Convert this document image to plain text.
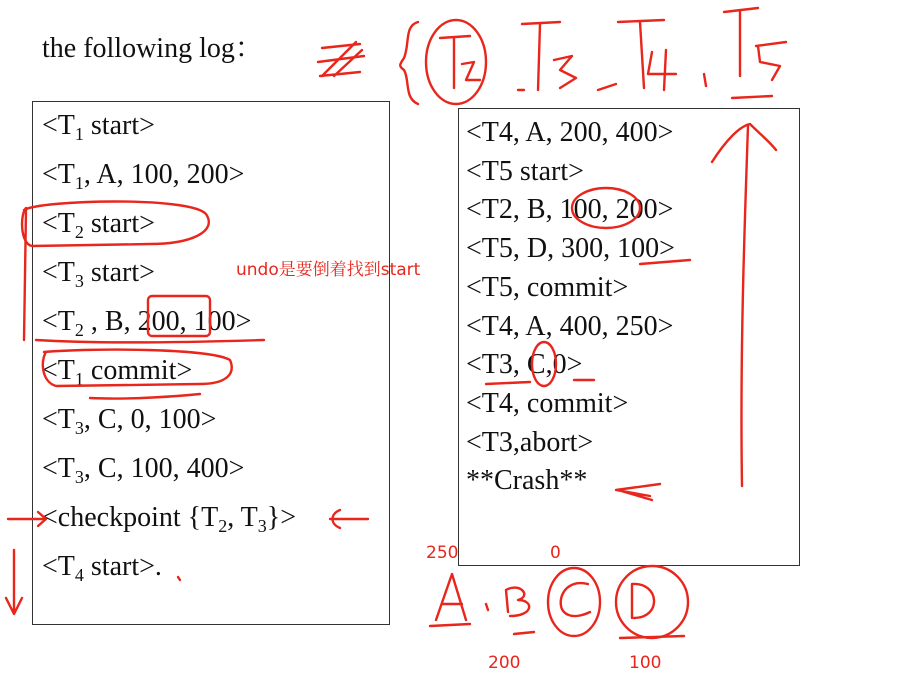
the following log：
$<T_1$ start>
$<T_1$, A, 100, 200>
$<T_2$ start>
$<T_3$ start>
$<T_2$ , B, 200, 100>
$<T_1$ commit>
$<T_3$, C, 0, 100>
$<T_3$, C, 100, 400>
<checkpoint {$T_2$, $T_3\}>$
$<T_4$ start>.
<T4, A, 200, 400>
<T5 start>
<T2, B, 100, 200>
<T5, D, 300, 100>
<T5, commit>
<T4, A, 400, 250>
<T3, C,0>
<T4, commit>
<T3,abort>
**Crash**
undo是要倒着找到start
250	0
200	100
